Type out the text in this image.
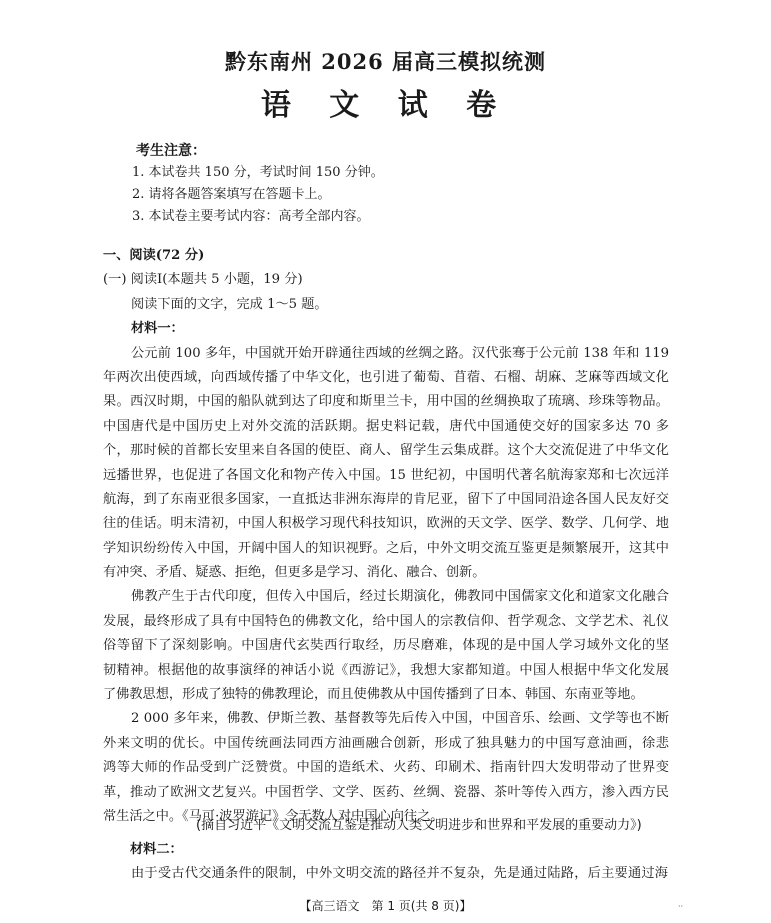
黔东南州 2026 届高三模拟统测
语 文 试 卷
考生注意：
1. 本试卷共 150 分，考试时间 150 分钟。
2. 请将各题答案填写在答题卡上。
3. 本试卷主要考试内容：高考全部内容。
一、阅读(72 分)
(一) 阅读Ⅰ(本题共 5 小题，19 分)
阅读下面的文字，完成 1～5 题。
材料一：
公元前 100 多年，中国就开始开辟通往西域的丝绸之路。汉代张骞于公元前 138 年和 119
年两次出使西域，向西域传播了中华文化，也引进了葡萄、苜蓿、石榴、胡麻、芝麻等西域文化
果。西汉时期，中国的船队就到达了印度和斯里兰卡，用中国的丝绸换取了琉璃、珍珠等物品。
中国唐代是中国历史上对外交流的活跃期。据史料记载，唐代中国通使交好的国家多达 70 多
个，那时候的首都长安里来自各国的使臣、商人、留学生云集成群。这个大交流促进了中华文化
远播世界，也促进了各国文化和物产传入中国。15 世纪初，中国明代著名航海家郑和七次远洋
航海，到了东南亚很多国家，一直抵达非洲东海岸的肯尼亚，留下了中国同沿途各国人民友好交
往的佳话。明末清初，中国人积极学习现代科技知识，欧洲的天文学、医学、数学、几何学、地
学知识纷纷传入中国，开阔中国人的知识视野。之后，中外文明交流互鉴更是频繁展开，这其中
有冲突、矛盾、疑惑、拒绝，但更多是学习、消化、融合、创新。
佛教产生于古代印度，但传入中国后，经过长期演化，佛教同中国儒家文化和道家文化融合
发展，最终形成了具有中国特色的佛教文化，给中国人的宗教信仰、哲学观念、文学艺术、礼仪
俗等留下了深刻影响。中国唐代玄奘西行取经，历尽磨难，体现的是中国人学习域外文化的坚
韧精神。根据他的故事演绎的神话小说《西游记》，我想大家都知道。中国人根据中华文化发展
了佛教思想，形成了独特的佛教理论，而且使佛教从中国传播到了日本、韩国、东南亚等地。
2 000 多年来，佛教、伊斯兰教、基督教等先后传入中国，中国音乐、绘画、文学等也不断
外来文明的优长。中国传统画法同西方油画融合创新，形成了独具魅力的中国写意油画，徐悲
鸿等大师的作品受到广泛赞赏。中国的造纸术、火药、印刷术、指南针四大发明带动了世界变
革，推动了欧洲文艺复兴。中国哲学、文学、医药、丝绸、瓷器、茶叶等传入西方，渗入西方民
常生活之中。《马可·波罗游记》令无数人对中国心向往之。
(摘自习近平《文明交流互鉴是推动人类文明进步和世界和平发展的重要动力》)
材料二：
由于受古代交通条件的限制，中外文明交流的路径并不复杂，先是通过陆路，后主要通过海
【高三语文　第 1 页(共 8 页)】	··
